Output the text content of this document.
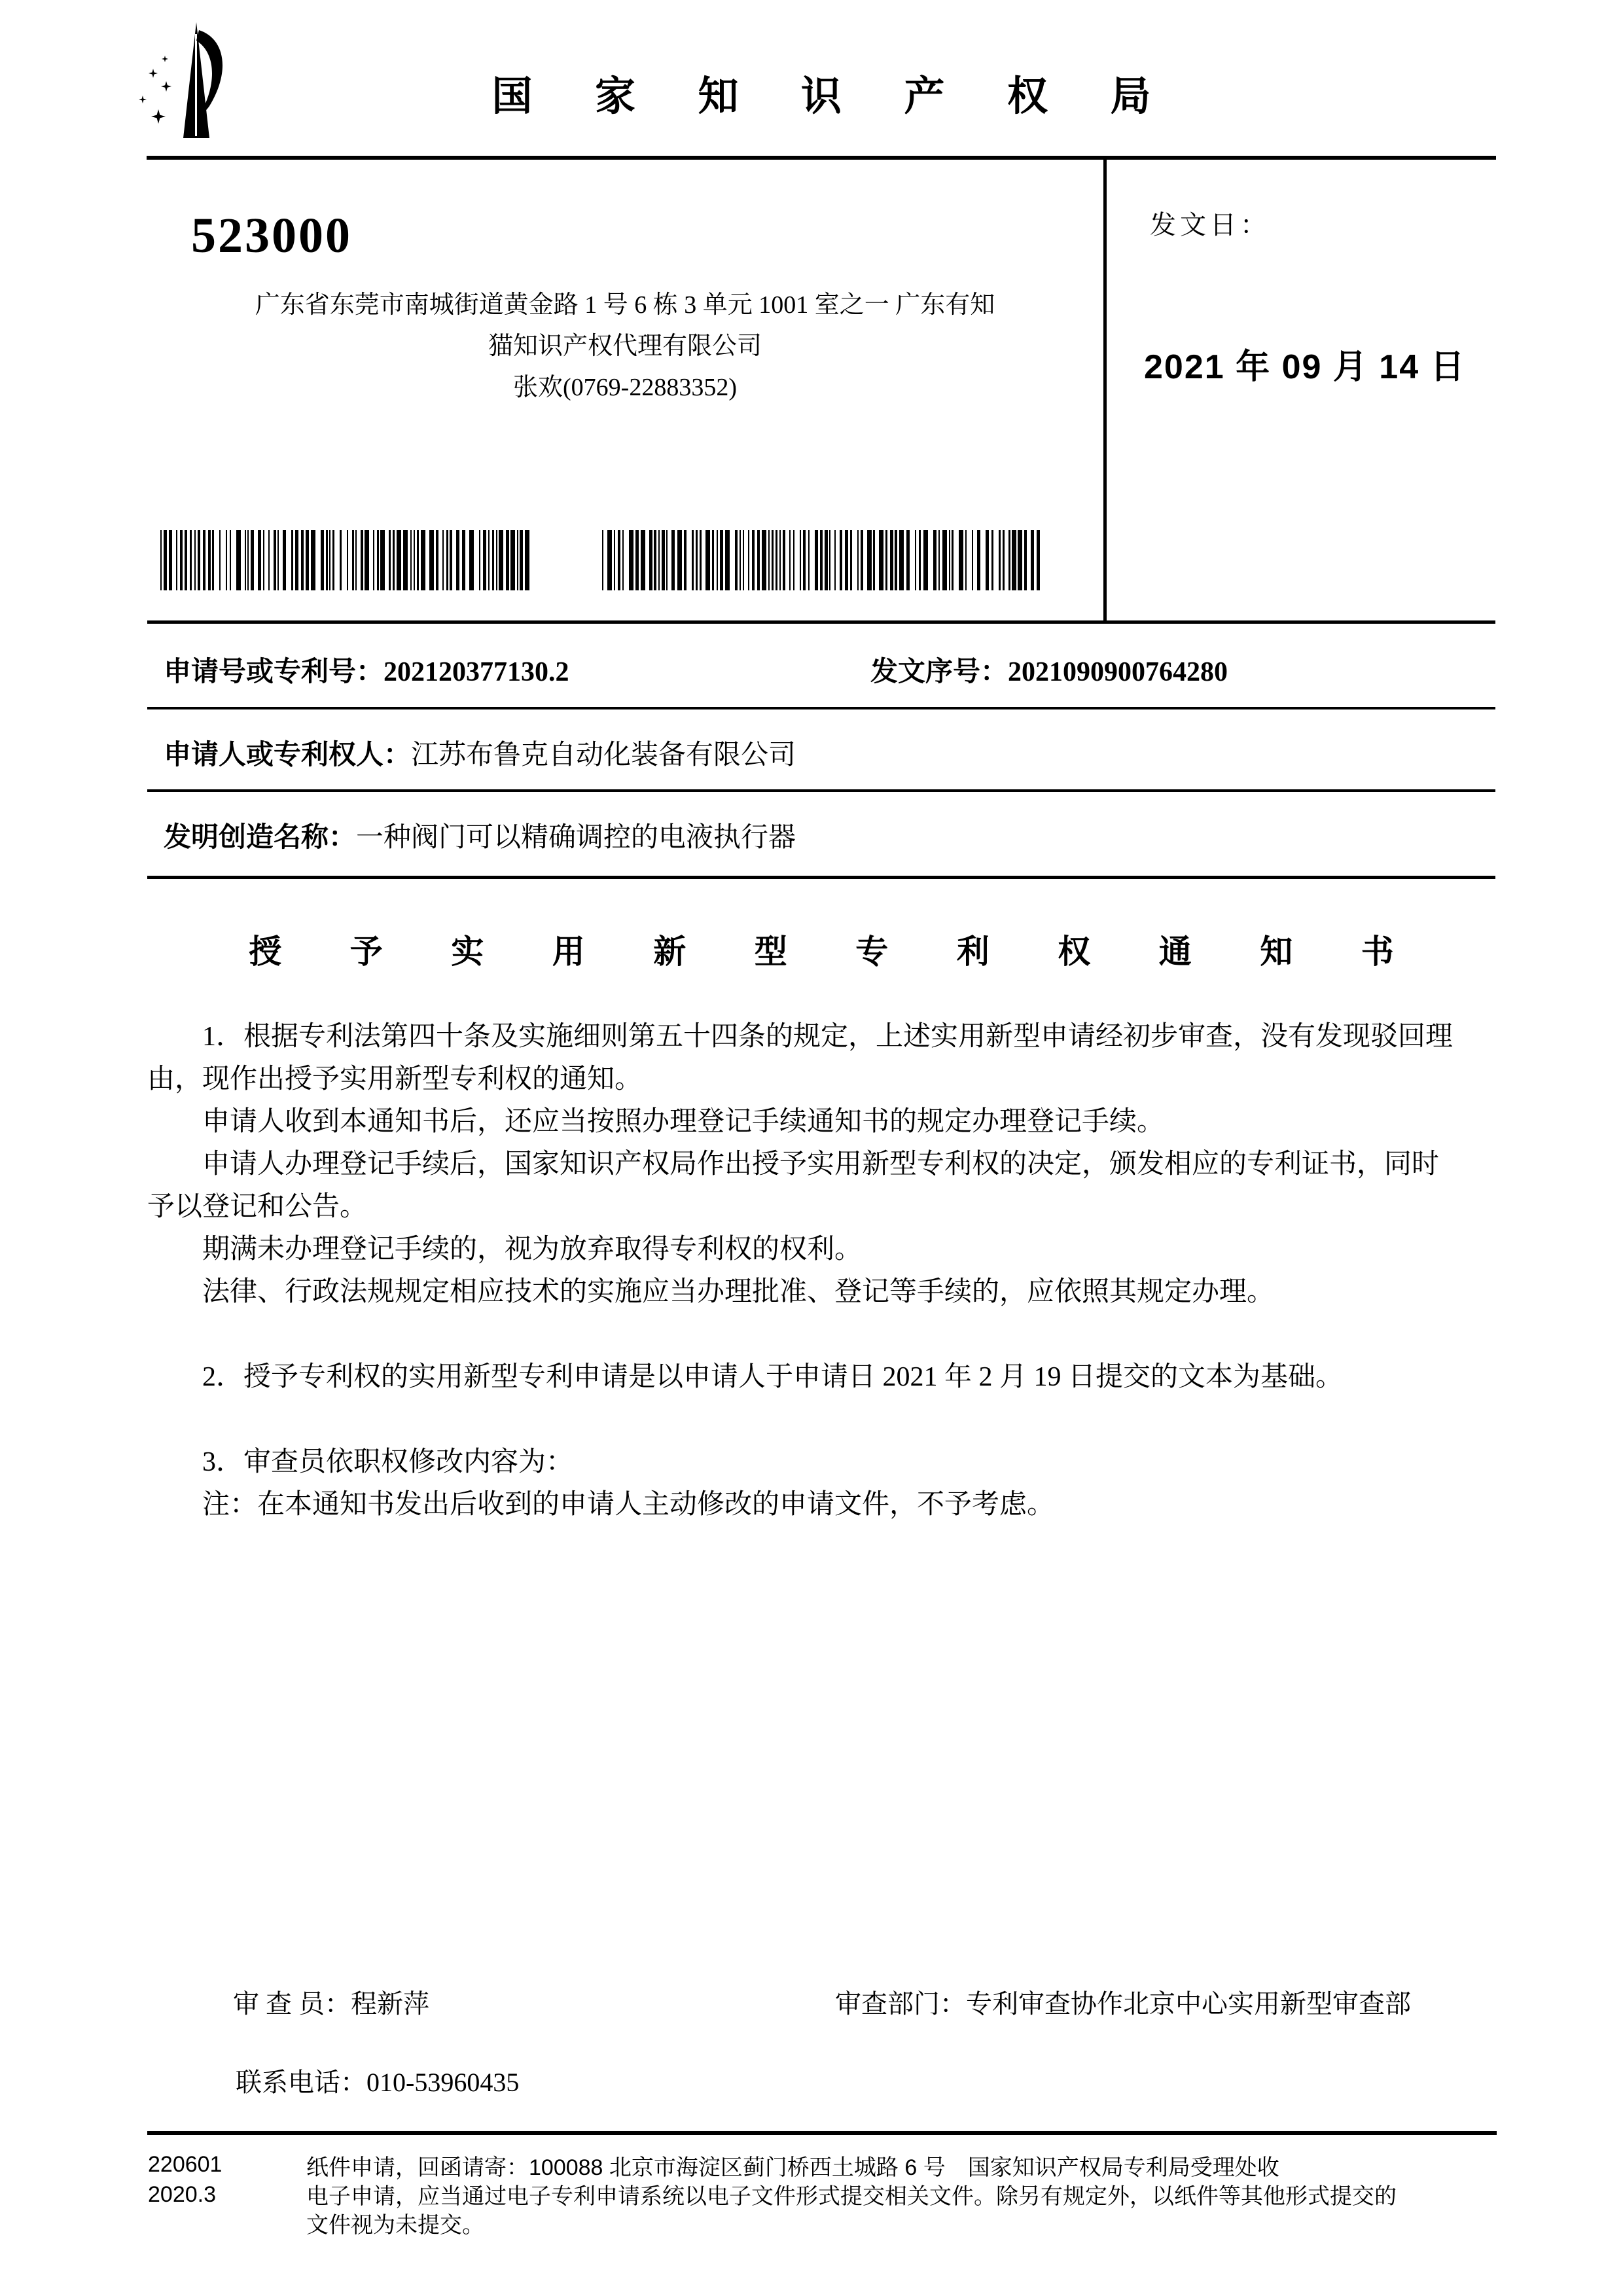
国 家 知 识 产 权 局
523000
广东省东莞市南城街道黄金路 1 号 6 栋 3 单元 1001 室之一 广东有知
猫知识产权代理有限公司
张欢(0769-22883352)
发文日：
2021 年 09 月 14 日
申请号或专利号：202120377130.2	发文序号：2021090900764280
申请人或专利权人：江苏布鲁克自动化装备有限公司
发明创造名称：一种阀门可以精确调控的电液执行器
授 予 实 用 新 型 专 利 权 通 知 书
1．根据专利法第四十条及实施细则第五十四条的规定，上述实用新型申请经初步审查，没有发现驳回理
由，现作出授予实用新型专利权的通知。
申请人收到本通知书后，还应当按照办理登记手续通知书的规定办理登记手续。
申请人办理登记手续后，国家知识产权局作出授予实用新型专利权的决定，颁发相应的专利证书，同时
予以登记和公告。
期满未办理登记手续的，视为放弃取得专利权的权利。
法律、行政法规规定相应技术的实施应当办理批准、登记等手续的，应依照其规定办理。
2．授予专利权的实用新型专利申请是以申请人于申请日 2021 年 2 月 19 日提交的文本为基础。
3．审查员依职权修改内容为：
注：在本通知书发出后收到的申请人主动修改的申请文件，不予考虑。
审 查 员：程新萍	审查部门：专利审查协作北京中心实用新型审查部
联系电话：010-53960435
220601
2020.3
纸件申请，回函请寄：100088 北京市海淀区蓟门桥西土城路 6 号　国家知识产权局专利局受理处收
电子申请，应当通过电子专利申请系统以电子文件形式提交相关文件。除另有规定外，以纸件等其他形式提交的
文件视为未提交。
